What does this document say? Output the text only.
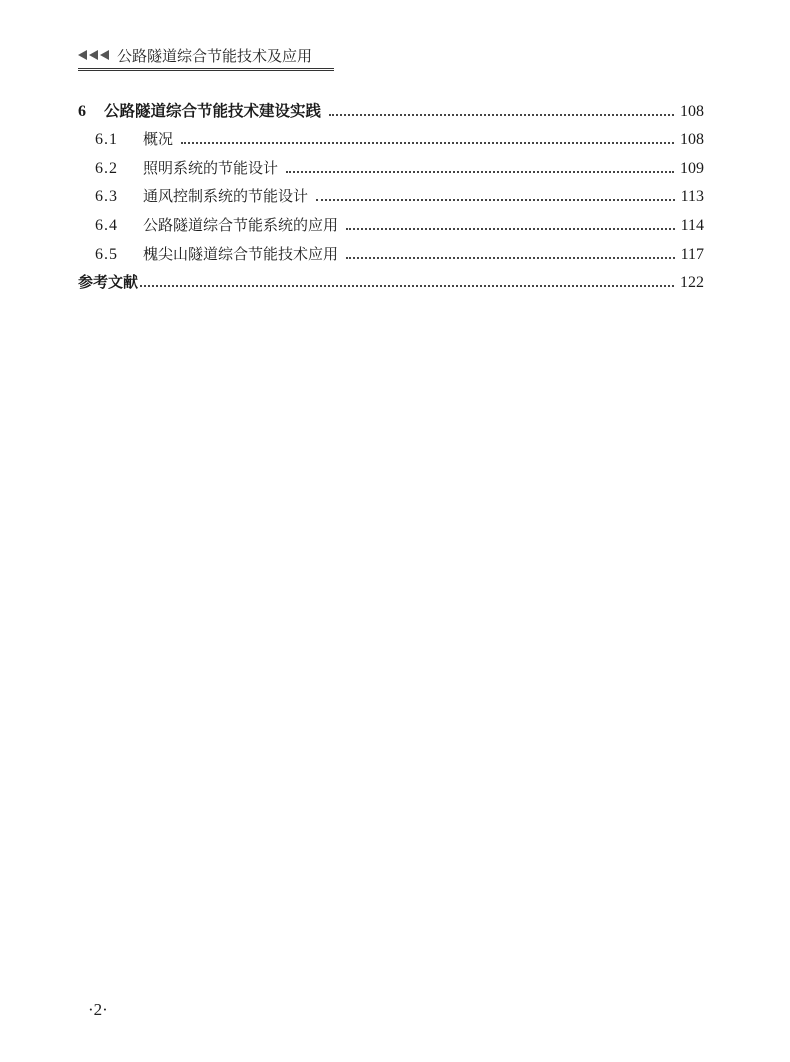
公路隧道综合节能技术及应用
6	公路隧道综合节能技术建设实践	108
6.1	概况	108
6.2	照明系统的节能设计	109
6.3	通风控制系统的节能设计	113
6.4	公路隧道综合节能系统的应用	114
6.5	槐尖山隧道综合节能技术应用	117
参考文献	122
·2·
